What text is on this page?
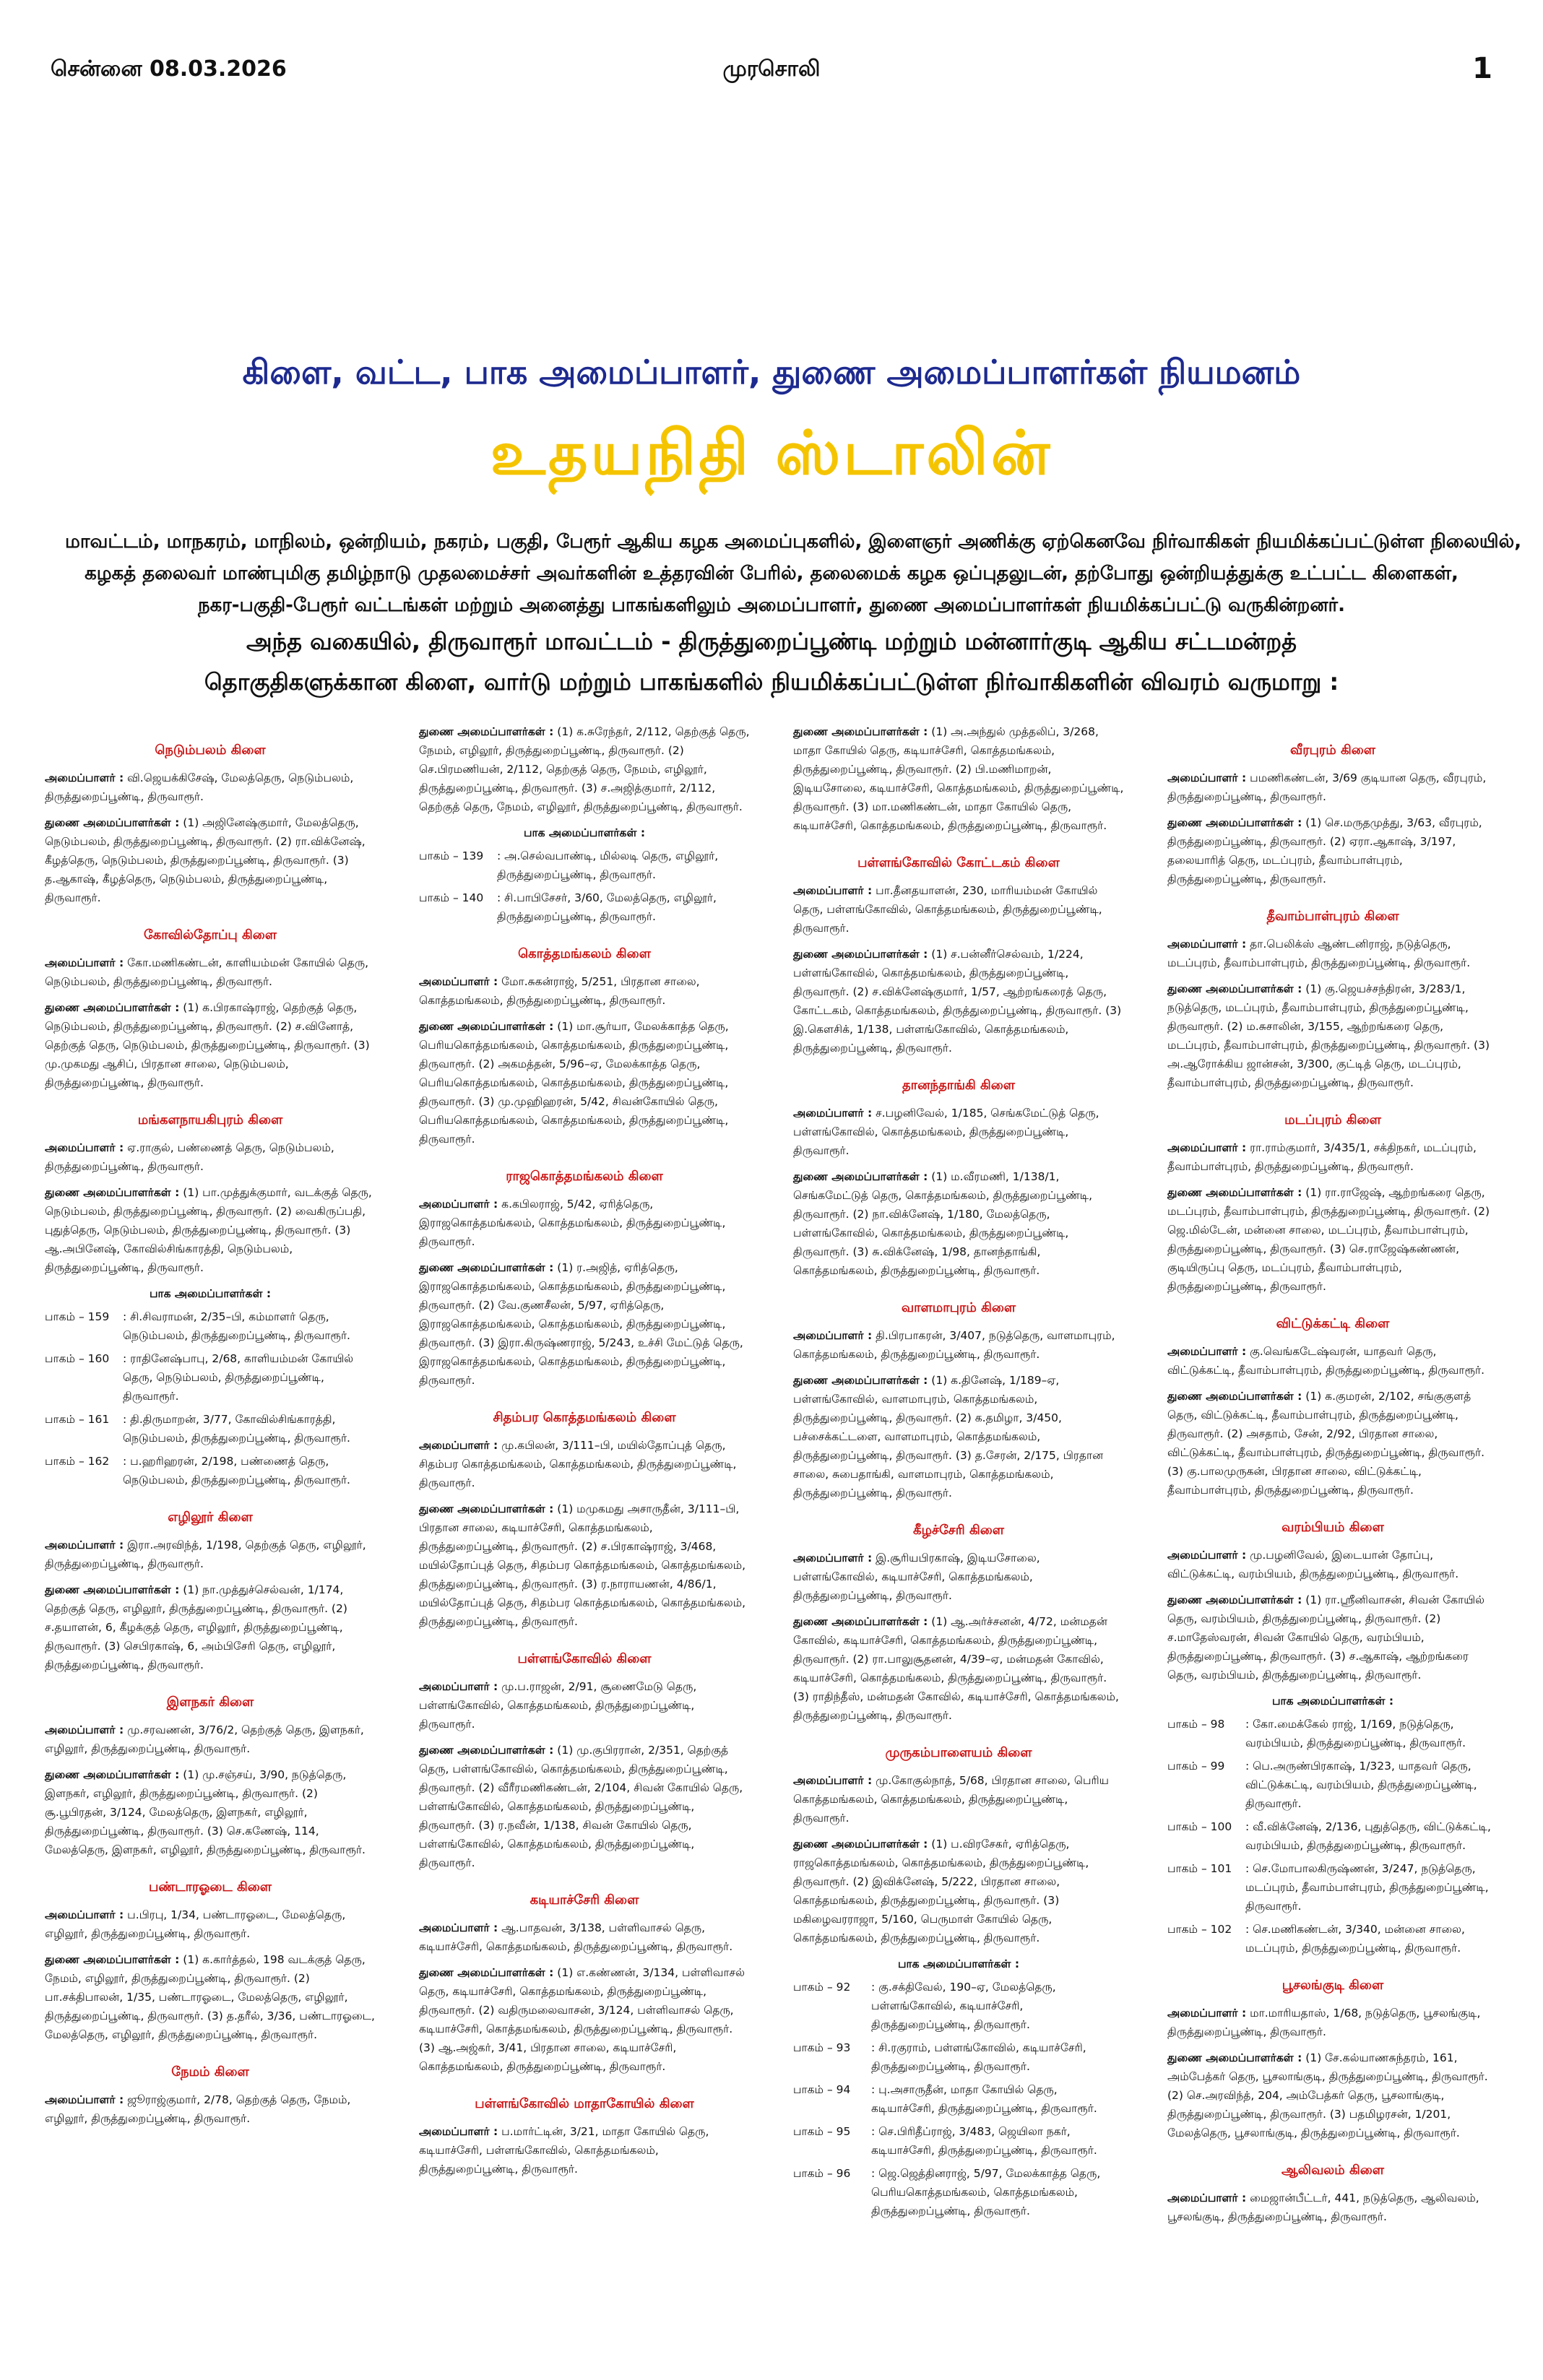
சென்னை 08.03.2026	முரசொலி	1
கிளை, வட்ட, பாக அமைப்பாளர், துணை அமைப்பாளர்கள் நியமனம்
உதயநிதி ஸ்டாலின்

மாவட்டம், மாநகரம், மாநிலம், ஒன்றியம், நகரம், பகுதி, பேரூர் ஆகிய கழக அமைப்புகளில், இளைஞர் அணிக்கு ஏற்கெனவே நிர்வாகிகள் நியமிக்கப்பட்டுள்ள நிலையில்,

கழகத் தலைவர் மாண்புமிகு தமிழ்நாடு முதலமைச்சர் அவர்களின் உத்தரவின் பேரில், தலைமைக் கழக ஒப்புதலுடன், தற்போது ஒன்றியத்துக்கு உட்பட்ட கிளைகள்,

நகர-பகுதி-பேரூர் வட்டங்கள் மற்றும் அனைத்து பாகங்களிலும் அமைப்பாளர், துணை அமைப்பாளர்கள் நியமிக்கப்பட்டு வருகின்றனர்.

அந்த வகையில், திருவாரூர் மாவட்டம் - திருத்துறைப்பூண்டி மற்றும் மன்னார்குடி ஆகிய சட்டமன்றத்

தொகுதிகளுக்கான கிளை, வார்டு மற்றும் பாகங்களில் நியமிக்கப்பட்டுள்ள நிர்வாகிகளின் விவரம் வருமாறு :

நெடும்பலம் கிளை
அமைப்பாளர் : வி.ஜெயக்கிசேஷ், மேலத்தெரு, நெடும்பலம், திருத்துறைப்பூண்டி, திருவாரூர்.
துணை அமைப்பாளர்கள் : (1) அஜினேஷ்குமார், மேலத்தெரு, நெடும்பலம், திருத்துறைப்பூண்டி, திருவாரூர். (2) ரா.விக்னேஷ், கீழத்தெரு, நெடும்பலம், திருத்துறைப்பூண்டி, திருவாரூர். (3) த.ஆகாஷ், கீழத்தெரு, நெடும்பலம், திருத்துறைப்பூண்டி, திருவாரூர்.
கோவில்தோப்பு கிளை
அமைப்பாளர் : கோ.மணிகண்டன், காளியம்மன் கோயில் தெரு, நெடும்பலம், திருத்துறைப்பூண்டி, திருவாரூர்.
துணை அமைப்பாளர்கள் : (1) க.பிரகாஷ்ராஜ், தெற்குத் தெரு, நெடும்பலம், திருத்துறைப்பூண்டி, திருவாரூர். (2) ச.வினோத், தெற்குத் தெரு, நெடும்பலம், திருத்துறைப்பூண்டி, திருவாரூர். (3) மு.முகமது ஆசிப், பிரதான சாலை, நெடும்பலம், திருத்துறைப்பூண்டி, திருவாரூர்.
மங்களநாயகிபுரம் கிளை
அமைப்பாளர் : ஏ.ராகுல், பண்ணைத் தெரு, நெடும்பலம், திருத்துறைப்பூண்டி, திருவாரூர்.
துணை அமைப்பாளர்கள் : (1) பா.முத்துக்குமார், வடக்குத் தெரு, நெடும்பலம், திருத்துறைப்பூண்டி, திருவாரூர். (2) வைகிருப்பதி, புதுத்தெரு, நெடும்பலம், திருத்துறைப்பூண்டி, திருவாரூர். (3) ஆ.அபினேஷ், கோவில்சிங்காரத்தி, நெடும்பலம், திருத்துறைப்பூண்டி, திருவாரூர்.
பாக அமைப்பாளர்கள் :
பாகம் – 159	: சி.சிவராமன், 2/35–பி, கம்மாளர் தெரு, நெடும்பலம், திருத்துறைப்பூண்டி, திருவாரூர்.
பாகம் – 160	: ராதினேஷ்பாபு, 2/68, காளியம்மன் கோயில் தெரு, நெடும்பலம், திருத்துறைப்பூண்டி, திருவாரூர்.
பாகம் – 161	: தி.திருமாறன், 3/77, கோவில்சிங்காரத்தி, நெடும்பலம், திருத்துறைப்பூண்டி, திருவாரூர்.
பாகம் – 162	: ப.ஹரிஹரன், 2/198, பண்ணைத் தெரு, நெடும்பலம், திருத்துறைப்பூண்டி, திருவாரூர்.
எழிலூர் கிளை
அமைப்பாளர் : இரா.அரவிந்த், 1/198, தெற்குத் தெரு, எழிலூர், திருத்துறைப்பூண்டி, திருவாரூர்.
துணை அமைப்பாளர்கள் : (1) நா.முத்துச்செல்வன், 1/174, தெற்குத் தெரு, எழிலூர், திருத்துறைப்பூண்டி, திருவாரூர். (2) ச.தயாளன், 6, கீழக்குத் தெரு, எழிலூர், திருத்துறைப்பூண்டி, திருவாரூர். (3) செபிரகாஷ், 6, அம்பிசேரி தெரு, எழிலூர், திருத்துறைப்பூண்டி, திருவாரூர்.
இளநகர் கிளை
அமைப்பாளர் : மு.சரவணன், 3/76/2, தெற்குத் தெரு, இளநகர், எழிலூர், திருத்துறைப்பூண்டி, திருவாரூர்.
துணை அமைப்பாளர்கள் : (1) மு.சஞ்சய், 3/90, நடுத்தெரு, இளநகர், எழிலூர், திருத்துறைப்பூண்டி, திருவாரூர். (2) சூ.பூபிரதன், 3/124, மேலத்தெரு, இளநகர், எழிலூர், திருத்துறைப்பூண்டி, திருவாரூர். (3) செ.கணேஷ், 114, மேலத்தெரு, இளநகர், எழிலூர், திருத்துறைப்பூண்டி, திருவாரூர்.
பண்டாரஓடை கிளை
அமைப்பாளர் : ப.பிரபு, 1/34, பண்டாரஓடை, மேலத்தெரு, எழிலூர், திருத்துறைப்பூண்டி, திருவாரூர்.
துணை அமைப்பாளர்கள் : (1) க.கார்த்தல், 198 வடக்குத் தெரு, நேமம், எழிலூர், திருத்துறைப்பூண்டி, திருவாரூர். (2) பா.சக்திபாலன், 1/35, பண்டாரஓடை, மேலத்தெரு, எழிலூர், திருத்துறைப்பூண்டி, திருவாரூர். (3) த.தரீல், 3/36, பண்டாரஓடை, மேலத்தெரு, எழிலூர், திருத்துறைப்பூண்டி, திருவாரூர்.
நேமம் கிளை
அமைப்பாளர் : ஜூராஜ்குமார், 2/78, தெற்குத் தெரு, நேமம், எழிலூர், திருத்துறைப்பூண்டி, திருவாரூர்.
துணை அமைப்பாளர்கள் : (1) க.சுரேந்தர், 2/112, தெற்குத் தெரு, நேமம், எழிலூர், திருத்துறைப்பூண்டி, திருவாரூர். (2) செ.பிரமணியன், 2/112, தெற்குத் தெரு, நேமம், எழிலூர், திருத்துறைப்பூண்டி, திருவாரூர். (3) ச.அஜித்குமார், 2/112, தெற்குத் தெரு, நேமம், எழிலூர், திருத்துறைப்பூண்டி, திருவாரூர்.
பாக அமைப்பாளர்கள் :
பாகம் – 139	: அ.செல்வபாண்டி, மில்லடி தெரு, எழிலூர், திருத்துறைப்பூண்டி, திருவாரூர்.
பாகம் – 140	: சி.பாபிசேசர், 3/60, மேலத்தெரு, எழிலூர், திருத்துறைப்பூண்டி, திருவாரூர்.
கொத்தமங்கலம் கிளை
அமைப்பாளர் : மோ.சுகன்ராஜ், 5/251, பிரதான சாலை, கொத்தமங்கலம், திருத்துறைப்பூண்டி, திருவாரூர்.
துணை அமைப்பாளர்கள் : (1) மா.சூர்யா, மேலக்காத்த தெரு, பெரியகொத்தமங்கலம், கொத்தமங்கலம், திருத்துறைப்பூண்டி, திருவாரூர். (2) அகமத்தன், 5/96–ஏ, மேலக்காத்த தெரு, பெரியகொத்தமங்கலம், கொத்தமங்கலம், திருத்துறைப்பூண்டி, திருவாரூர். (3) மு.முஹிஹரன், 5/42, சிவன்கோயில் தெரு, பெரியகொத்தமங்கலம், கொத்தமங்கலம், திருத்துறைப்பூண்டி, திருவாரூர்.
ராஜகொத்தமங்கலம் கிளை
அமைப்பாளர் : க.கபிலராஜ், 5/42, ஏரித்தெரு, இராஜகொத்தமங்கலம், கொத்தமங்கலம், திருத்துறைப்பூண்டி, திருவாரூர்.
துணை அமைப்பாளர்கள் : (1) ர.அஜித், ஏரித்தெரு, இராஜகொத்தமங்கலம், கொத்தமங்கலம், திருத்துறைப்பூண்டி, திருவாரூர். (2) வே.குணசீலன், 5/97, ஏரித்தெரு, இராஜகொத்தமங்கலம், கொத்தமங்கலம், திருத்துறைப்பூண்டி, திருவாரூர். (3) இரா.கிருஷ்ணராஜ், 5/243, உச்சி மேட்டுத் தெரு, இராஜகொத்தமங்கலம், கொத்தமங்கலம், திருத்துறைப்பூண்டி, திருவாரூர்.
சிதம்பர கொத்தமங்கலம் கிளை
அமைப்பாளர் : மு.கபிலன், 3/111–பி, மயில்தோப்புத் தெரு, சிதம்பர கொத்தமங்கலம், கொத்தமங்கலம், திருத்துறைப்பூண்டி, திருவாரூர்.
துணை அமைப்பாளர்கள் : (1) மமுகமது அசாருதீன், 3/111–பி, பிரதான சாலை, கடியாச்சேரி, கொத்தமங்கலம், திருத்துறைப்பூண்டி, திருவாரூர். (2) ச.பிரகாஷ்ராஜ், 3/468, மயில்தோப்புத் தெரு, சிதம்பர கொத்தமங்கலம், கொத்தமங்கலம், திருத்துறைப்பூண்டி, திருவாரூர். (3) ர.நாராயணன், 4/86/1, மயில்தோப்புத் தெரு, சிதம்பர கொத்தமங்கலம், கொத்தமங்கலம், திருத்துறைப்பூண்டி, திருவாரூர்.
பள்ளங்கோவில் கிளை
அமைப்பாளர் : மு.ப.ராஜன், 2/91, சூணைமேடு தெரு, பள்ளங்கோவில், கொத்தமங்கலம், திருத்துறைப்பூண்டி, திருவாரூர்.
துணை அமைப்பாளர்கள் : (1) மு.குபிரரான், 2/351, தெற்குத் தெரு, பள்ளங்கோவில், கொத்தமங்கலம், திருத்துறைப்பூண்டி, திருவாரூர். (2) வீரீரமணிகண்டன், 2/104, சிவன் கோயில் தெரு, பள்ளங்கோவில், கொத்தமங்கலம், திருத்துறைப்பூண்டி, திருவாரூர். (3) ர.நவீன், 1/138, சிவன் கோயில் தெரு, பள்ளங்கோவில், கொத்தமங்கலம், திருத்துறைப்பூண்டி, திருவாரூர்.
கடியாச்சேரி கிளை
அமைப்பாளர் : ஆ.பாதவன், 3/138, பள்ளிவாசல் தெரு, கடியாச்சேரி, கொத்தமங்கலம், திருத்துறைப்பூண்டி, திருவாரூர்.
துணை அமைப்பாளர்கள் : (1) எ.கண்ணன், 3/134, பள்ளிவாசல் தெரு, கடியாச்சேரி, கொத்தமங்கலம், திருத்துறைப்பூண்டி, திருவாரூர். (2) வதிருமலைவாசன், 3/124, பள்ளிவாசல் தெரு, கடியாச்சேரி, கொத்தமங்கலம், திருத்துறைப்பூண்டி, திருவாரூர். (3) ஆ.அஜ்கர், 3/41, பிரதான சாலை, கடியாச்சேரி, கொத்தமங்கலம், திருத்துறைப்பூண்டி, திருவாரூர்.
பள்ளங்கோவில் மாதாகோயில் கிளை
அமைப்பாளர் : ப.மார்ட்டின், 3/21, மாதா கோயில் தெரு, கடியாச்சேரி, பள்ளங்கோவில், கொத்தமங்கலம், திருத்துறைப்பூண்டி, திருவாரூர்.
துணை அமைப்பாளர்கள் : (1) அ.அந்துல் முத்தலிப், 3/268, மாதா கோயில் தெரு, கடியாச்சேரி, கொத்தமங்கலம், திருத்துறைப்பூண்டி, திருவாரூர். (2) பி.மணிமாறன், இடியசோலை, கடியாச்சேரி, கொத்தமங்கலம், திருத்துறைப்பூண்டி, திருவாரூர். (3) மா.மணிகண்டன், மாதா கோயில் தெரு, கடியாச்சேரி, கொத்தமங்கலம், திருத்துறைப்பூண்டி, திருவாரூர்.
பள்ளங்கோவில் கோட்டகம் கிளை
அமைப்பாளர் : பா.தீனதயாளன், 230, மாரியம்மன் கோயில் தெரு, பள்ளங்கோவில், கொத்தமங்கலம், திருத்துறைப்பூண்டி, திருவாரூர்.
துணை அமைப்பாளர்கள் : (1) ச.பன்னீர்செல்வம், 1/224, பள்ளங்கோவில், கொத்தமங்கலம், திருத்துறைப்பூண்டி, திருவாரூர். (2) ச.விக்னேஷ்குமார், 1/57, ஆற்றங்கரைத் தெரு, கோட்டகம், கொத்தமங்கலம், திருத்துறைப்பூண்டி, திருவாரூர். (3) இ.கௌசிக், 1/138, பள்ளங்கோவில், கொத்தமங்கலம், திருத்துறைப்பூண்டி, திருவாரூர்.
தானந்தாங்கி கிளை
அமைப்பாளர் : ச.பழனிவேல், 1/185, செங்கமேட்டுத் தெரு, பள்ளங்கோவில், கொத்தமங்கலம், திருத்துறைப்பூண்டி, திருவாரூர்.
துணை அமைப்பாளர்கள் : (1) ம.வீரமணி, 1/138/1, செங்கமேட்டுத் தெரு, கொத்தமங்கலம், திருத்துறைப்பூண்டி, திருவாரூர். (2) நா.விக்னேஷ், 1/180, மேலத்தெரு, பள்ளங்கோவில், கொத்தமங்கலம், திருத்துறைப்பூண்டி, திருவாரூர். (3) சு.விக்னேஷ், 1/98, தானந்தாங்கி, கொத்தமங்கலம், திருத்துறைப்பூண்டி, திருவாரூர்.
வாளமாபுரம் கிளை
அமைப்பாளர் : தி.பிரபாகரன், 3/407, நடுத்தெரு, வாளமாபுரம், கொத்தமங்கலம், திருத்துறைப்பூண்டி, திருவாரூர்.
துணை அமைப்பாளர்கள் : (1) க.தினேஷ், 1/189–ஏ, பள்ளங்கோவில், வாளமாபுரம், கொத்தமங்கலம், திருத்துறைப்பூண்டி, திருவாரூர். (2) க.தமிழா, 3/450, பச்சைக்கட்டளை, வாளமாபுரம், கொத்தமங்கலம், திருத்துறைப்பூண்டி, திருவாரூர். (3) த.சேரன், 2/175, பிரதான சாலை, சுபைதாங்கி, வாளமாபுரம், கொத்தமங்கலம், திருத்துறைப்பூண்டி, திருவாரூர்.
கீழச்சேரி கிளை
அமைப்பாளர் : இ.சூரியபிரகாஷ், இடியசோலை, பள்ளங்கோவில், கடியாச்சேரி, கொத்தமங்கலம், திருத்துறைப்பூண்டி, திருவாரூர்.
துணை அமைப்பாளர்கள் : (1) ஆ.அர்ச்சனன், 4/72, மன்மதன் கோவில், கடியாச்சேரி, கொத்தமங்கலம், திருத்துறைப்பூண்டி, திருவாரூர். (2) ரா.பாலுசூதனன், 4/39–ஏ, மன்மதன் கோவில், கடியாச்சேரி, கொத்தமங்கலம், திருத்துறைப்பூண்டி, திருவாரூர். (3) ராதிந்தீஸ், மன்மதன் கோவில், கடியாச்சேரி, கொத்தமங்கலம், திருத்துறைப்பூண்டி, திருவாரூர்.
முருகம்பாளையம் கிளை
அமைப்பாளர் : மு.கோகுல்நாத், 5/68, பிரதான சாலை, பெரிய கொத்தமங்கலம், கொத்தமங்கலம், திருத்துறைப்பூண்டி, திருவாரூர்.
துணை அமைப்பாளர்கள் : (1) ப.விரசேகர், ஏரித்தெரு, ராஜகொத்தமங்கலம், கொத்தமங்கலம், திருத்துறைப்பூண்டி, திருவாரூர். (2) இவிக்னேஷ், 5/222, பிரதான சாலை, கொத்தமங்கலம், திருத்துறைப்பூண்டி, திருவாரூர். (3) மகிழைவரராஜா, 5/160, பெருமாள் கோயில் தெரு, கொத்தமங்கலம், திருத்துறைப்பூண்டி, திருவாரூர்.
பாக அமைப்பாளர்கள் :
பாகம் – 92	: கு.சக்திவேல், 190–ஏ, மேலத்தெரு, பள்ளங்கோவில், கடியாச்சேரி, திருத்துறைப்பூண்டி, திருவாரூர்.
பாகம் – 93	: சி.ரகுராம், பள்ளங்கோவில், கடியாச்சேரி, திருத்துறைப்பூண்டி, திருவாரூர்.
பாகம் – 94	: பு.அசாருதீன், மாதா கோயில் தெரு, கடியாச்சேரி, திருத்துறைப்பூண்டி, திருவாரூர்.
பாகம் – 95	: செ.பிரிதீப்ராஜ், 3/483, ஜெயிலா நகர், கடியாச்சேரி, திருத்துறைப்பூண்டி, திருவாரூர்.
பாகம் – 96	: ஜெ.ஜெத்தினராஜ், 5/97, மேலக்காத்த தெரு, பெரியகொத்தமங்கலம், கொத்தமங்கலம், திருத்துறைப்பூண்டி, திருவாரூர்.
வீரபுரம் கிளை
அமைப்பாளர் : பமணிகண்டன், 3/69 குடியான தெரு, வீரபுரம், திருத்துறைப்பூண்டி, திருவாரூர்.
துணை அமைப்பாளர்கள் : (1) செ.மருதமுத்து, 3/63, வீரபுரம், திருத்துறைப்பூண்டி, திருவாரூர். (2) ஏரா.ஆகாஷ், 3/197, தலையாரித் தெரு, மடப்புரம், தீவாம்பாள்புரம், திருத்துறைப்பூண்டி, திருவாரூர்.
தீவாம்பாள்புரம் கிளை
அமைப்பாளர் : தா.பெலிக்ஸ் ஆண்டனிராஜ், நடுத்தெரு, மடப்புரம், தீவாம்பாள்புரம், திருத்துறைப்பூண்டி, திருவாரூர்.
துணை அமைப்பாளர்கள் : (1) கு.ஜெயச்சந்திரன், 3/283/1, நடுத்தெரு, மடப்புரம், தீவாம்பாள்புரம், திருத்துறைப்பூண்டி, திருவாரூர். (2) ம.சுசாலின், 3/155, ஆற்றங்கரை தெரு, மடப்புரம், தீவாம்பாள்புரம், திருத்துறைப்பூண்டி, திருவாரூர். (3) அ.ஆரோக்கிய ஜான்சன், 3/300, குட்டித் தெரு, மடப்புரம், தீவாம்பாள்புரம், திருத்துறைப்பூண்டி, திருவாரூர்.
மடப்புரம் கிளை
அமைப்பாளர் : ரா.ராம்குமார், 3/435/1, சக்திநகர், மடப்புரம், தீவாம்பாள்புரம், திருத்துறைப்பூண்டி, திருவாரூர்.
துணை அமைப்பாளர்கள் : (1) ரா.ராஜேஷ், ஆற்றங்கரை தெரு, மடப்புரம், தீவாம்பாள்புரம், திருத்துறைப்பூண்டி, திருவாரூர். (2) ஜெ.மில்டேன், மன்னை சாலை, மடப்புரம், தீவாம்பாள்புரம், திருத்துறைப்பூண்டி, திருவாரூர். (3) செ.ராஜேஷ்கண்ணன், குடியிருப்பு தெரு, மடப்புரம், தீவாம்பாள்புரம், திருத்துறைப்பூண்டி, திருவாரூர்.
விட்டுக்கட்டி கிளை
அமைப்பாளர் : கு.வெங்கடேஷ்வரன், யாதவர் தெரு, விட்டுக்கட்டி, தீவாம்பாள்புரம், திருத்துறைப்பூண்டி, திருவாரூர்.
துணை அமைப்பாளர்கள் : (1) க.குமரன், 2/102, சங்குகுளத் தெரு, விட்டுக்கட்டி, தீவாம்பாள்புரம், திருத்துறைப்பூண்டி, திருவாரூர். (2) அசதாம், சேன், 2/92, பிரதான சாலை, விட்டுக்கட்டி, தீவாம்பாள்புரம், திருத்துறைப்பூண்டி, திருவாரூர். (3) கு.பாலமுருகன், பிரதான சாலை, விட்டுக்கட்டி, தீவாம்பாள்புரம், திருத்துறைப்பூண்டி, திருவாரூர்.
வரம்பியம் கிளை
அமைப்பாளர் : மு.பழனிவேல், இடையான் தோப்பு, விட்டுக்கட்டி, வரம்பியம், திருத்துறைப்பூண்டி, திருவாரூர்.
துணை அமைப்பாளர்கள் : (1) ரா.ஸ்ரீனிவாசன், சிவன் கோயில் தெரு, வரம்பியம், திருத்துறைப்பூண்டி, திருவாரூர். (2) ச.மாதேஸ்வரன், சிவன் கோயில் தெரு, வரம்பியம், திருத்துறைப்பூண்டி, திருவாரூர். (3) ச.ஆகாஷ், ஆற்றங்கரை தெரு, வரம்பியம், திருத்துறைப்பூண்டி, திருவாரூர்.
பாக அமைப்பாளர்கள் :
பாகம் – 98	: கோ.மைக்கேல் ராஜ், 1/169, நடுத்தெரு, வரம்பியம், திருத்துறைப்பூண்டி, திருவாரூர்.
பாகம் – 99	: பெ.அருண்பிரகாஷ், 1/323, யாதவர் தெரு, விட்டுக்கட்டி, வரம்பியம், திருத்துறைப்பூண்டி, திருவாரூர்.
பாகம் – 100	: வீ.விக்னேஷ், 2/136, புதுத்தெரு, விட்டுக்கட்டி, வரம்பியம், திருத்துறைப்பூண்டி, திருவாரூர்.
பாகம் – 101	: செ.மோபாலகிருஷ்ணன், 3/247, நடுத்தெரு, மடப்புரம், தீவாம்பாள்புரம், திருத்துறைப்பூண்டி, திருவாரூர்.
பாகம் – 102	: செ.மணிகண்டன், 3/340, மன்னை சாலை, மடப்புரம், திருத்துறைப்பூண்டி, திருவாரூர்.
பூசலங்குடி கிளை
அமைப்பாளர் : மா.மாரியதாஸ், 1/68, நடுத்தெரு, பூசலங்குடி, திருத்துறைப்பூண்டி, திருவாரூர்.
துணை அமைப்பாளர்கள் : (1) சே.கல்யாணசுந்தரம், 161, அம்பேத்கர் தெரு, பூசலாங்குடி, திருத்துறைப்பூண்டி, திருவாரூர். (2) செ.அரவிந்த், 204, அம்பேத்கர் தெரு, பூசலாங்குடி, திருத்துறைப்பூண்டி, திருவாரூர். (3) பதமிழரசன், 1/201, மேலத்தெரு, பூசலாங்குடி, திருத்துறைப்பூண்டி, திருவாரூர்.
ஆலிவலம் கிளை
அமைப்பாளர் : மைஜான்பீட்டர், 441, நடுத்தெரு, ஆலிவலம், பூசலங்குடி, திருத்துறைப்பூண்டி, திருவாரூர்.
